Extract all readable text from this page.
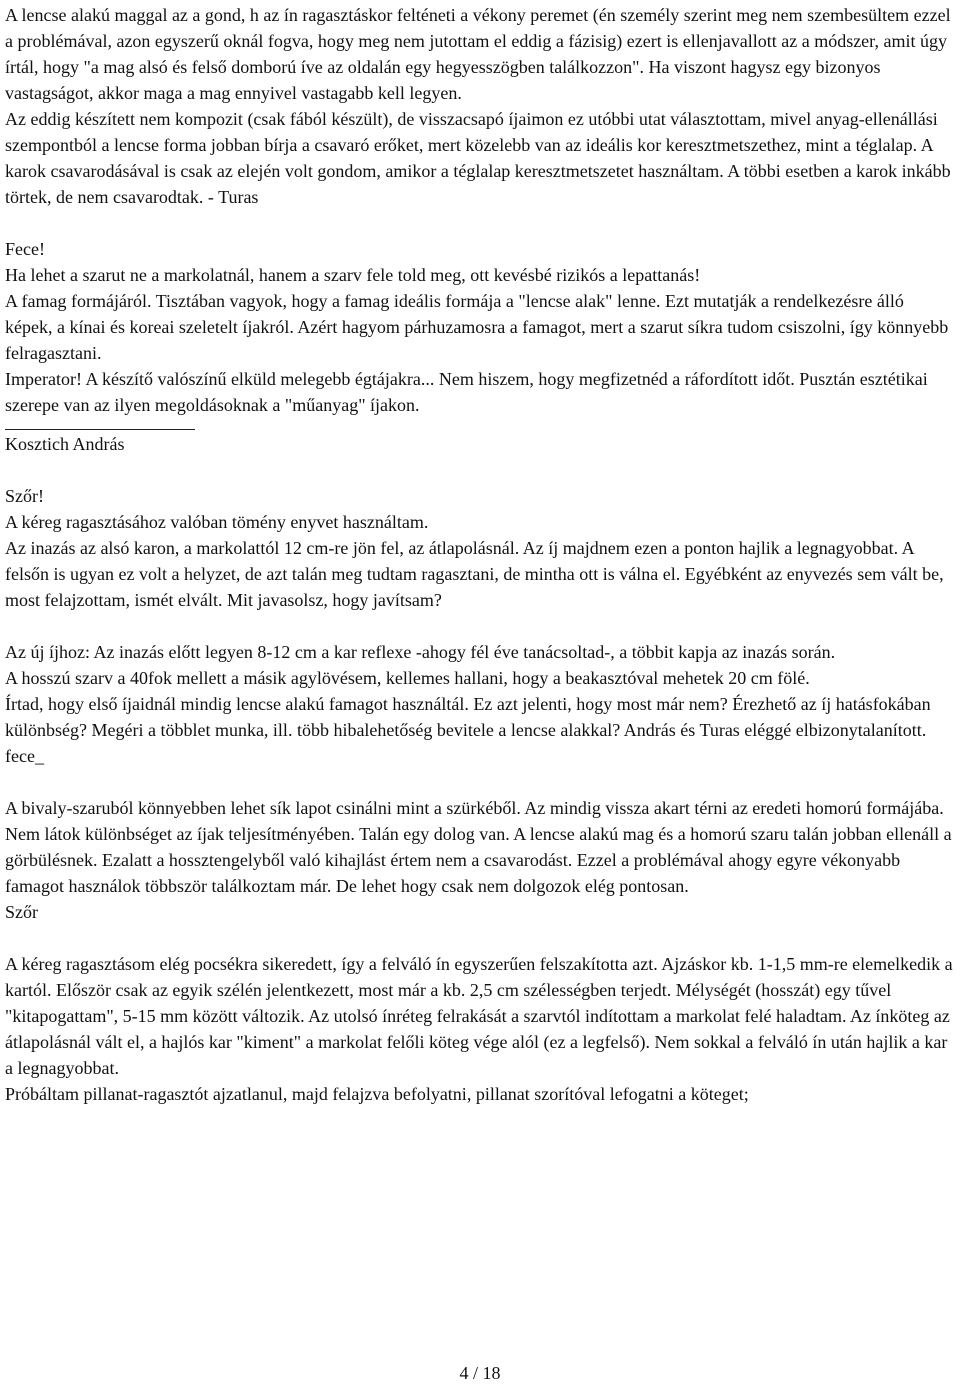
A lencse alakú maggal az a gond, h az ín ragasztáskor felténeti a vékony peremet (én személy szerint meg nem szembesültem ezzel a problémával, azon egyszerű oknál fogva, hogy meg nem jutottam el eddig a fázisig) ezert is ellenjavallott az a módszer, amit úgy írtál, hogy "a mag alsó és felső domború íve az oldalán egy hegyesszögben találkozzon". Ha viszont hagysz egy bizonyos vastagságot, akkor maga a mag ennyivel vastagabb kell legyen.

Az eddig készített nem kompozit (csak fából készült), de visszacsapó íjaimon ez utóbbi utat választottam, mivel anyag-ellenállási szempontból a lencse forma jobban bírja a csavaró erőket, mert közelebb van az ideális kor keresztmetszethez, mint a téglalap. A karok csavarodásával is csak az elején volt gondom, amikor a téglalap keresztmetszetet használtam. A többi esetben a karok inkább törtek, de nem csavarodtak. - Turas

Fece!

Ha lehet a szarut ne a markolatnál, hanem a szarv fele told meg, ott kevésbé rizikós a lepattanás!

A famag formájáról. Tisztában vagyok, hogy a famag ideális formája a "lencse alak" lenne. Ezt mutatják a rendelkezésre álló képek, a kínai és koreai szeletelt íjakról. Azért hagyom párhuzamosra a famagot, mert a szarut síkra tudom csiszolni, így könnyebb felragasztani.

Imperator! A készítő valószínű elküld melegebb égtájakra... Nem hiszem, hogy megfizetnéd a ráfordított időt. Pusztán esztétikai szerepe van az ilyen megoldásoknak a "műanyag" íjakon.

Kosztich András

Szőr!

A kéreg ragasztásához valóban tömény enyvet használtam.

Az inazás az alsó karon, a markolattól 12 cm-re jön fel, az átlapolásnál. Az íj majdnem ezen a ponton hajlik a legnagyobbat. A felsőn is ugyan ez volt a helyzet, de azt talán meg tudtam ragasztani, de mintha ott is válna el. Egyébként az enyvezés sem vált be, most felajzottam, ismét elvált. Mit javasolsz, hogy javítsam?

Az új íjhoz: Az inazás előtt legyen 8-12 cm a kar reflexe -ahogy fél éve tanácsoltad-, a többit kapja az inazás során.

A hosszú szarv a 40fok mellett a másik agylövésem, kellemes hallani, hogy a beakasztóval mehetek 20 cm fölé.

Írtad, hogy első íjaidnál mindig lencse alakú famagot használtál. Ez azt jelenti, hogy most már nem? Érezhető az íj hatásfokában különbség? Megéri a többlet munka, ill. több hibalehetőség bevitele a lencse alakkal? András és Turas eléggé elbizonytalanított.

fece_

A bivaly-szaruból könnyebben lehet sík lapot csinálni mint a szürkéből. Az mindig vissza akart térni az eredeti homorú formájába. Nem látok különbséget az íjak teljesítményében. Talán egy dolog van. A lencse alakú mag és a homorú szaru talán jobban ellenáll a görbülésnek. Ezalatt a hossztengelyből való kihajlást értem nem a csavarodást. Ezzel a problémával ahogy egyre vékonyabb famagot használok többször találkoztam már. De lehet hogy csak nem dolgozok elég pontosan.

Szőr

A kéreg ragasztásom elég pocsékra sikeredett, így a felváló ín egyszerűen felszakította azt. Ajzáskor kb. 1-1,5 mm-re elemelkedik a kartól. Először csak az egyik szélén jelentkezett, most már a kb. 2,5 cm szélességben terjedt. Mélységét (hosszát) egy tűvel "kitapogattam", 5-15 mm között változik. Az utolsó ínréteg felrakását a szarvtól indítottam a markolat felé haladtam. Az ínköteg az átlapolásnál vált el, a hajlós kar "kiment" a markolat felőli köteg vége alól (ez a legfelső). Nem sokkal a felváló ín után hajlik a kar a legnagyobbat.

Próbáltam pillanat-ragasztót ajzatlanul, majd felajzva befolyatni, pillanat szorítóval lefogatni a köteget;

4 / 18
